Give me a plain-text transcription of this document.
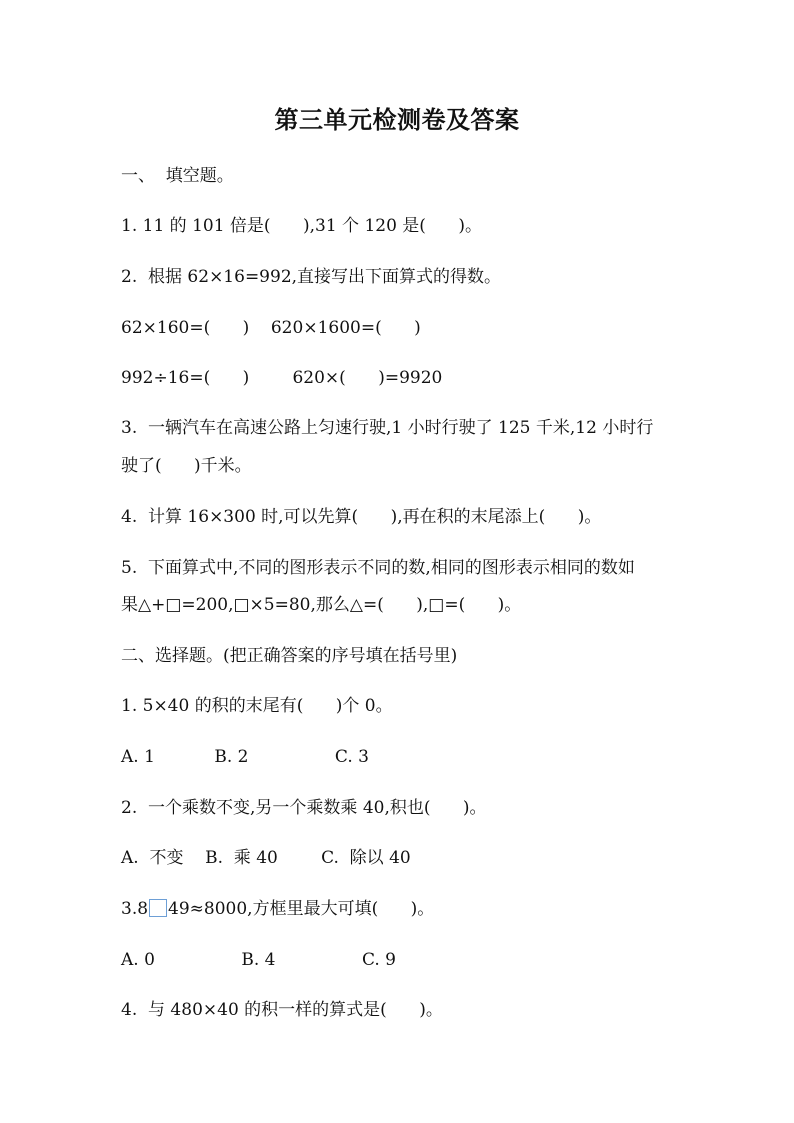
第三单元检测卷及答案
一、  填空题。
1. 11 的 101 倍是(      ),31 个 120 是(      )。
2.  根据 62×16=992,直接写出下面算式的得数。
62×160=(      )    620×1600=(      )
992÷16=(      )        620×(      )=9920
3.  一辆汽车在高速公路上匀速行驶,1 小时行驶了 125 千米,12 小时行
驶了(      )千米。
4.  计算 16×300 时,可以先算(      ),再在积的末尾添上(      )。
5.  下面算式中,不同的图形表示不同的数,相同的图形表示相同的数如
果△+□=200,□×5=80,那么△=(      ),□=(      )。
二、选择题。(把正确答案的序号填在括号里)
1. 5×40 的积的末尾有(      )个 0。
A. 1           B. 2                C. 3
2.  一个乘数不变,另一个乘数乘 40,积也(      )。
A.  不变    B.  乘 40        C.  除以 40
3.8 49≈8000,方框里最大可填(      )。
A. 0                B. 4                C. 9
4.  与 480×40 的积一样的算式是(      )。
